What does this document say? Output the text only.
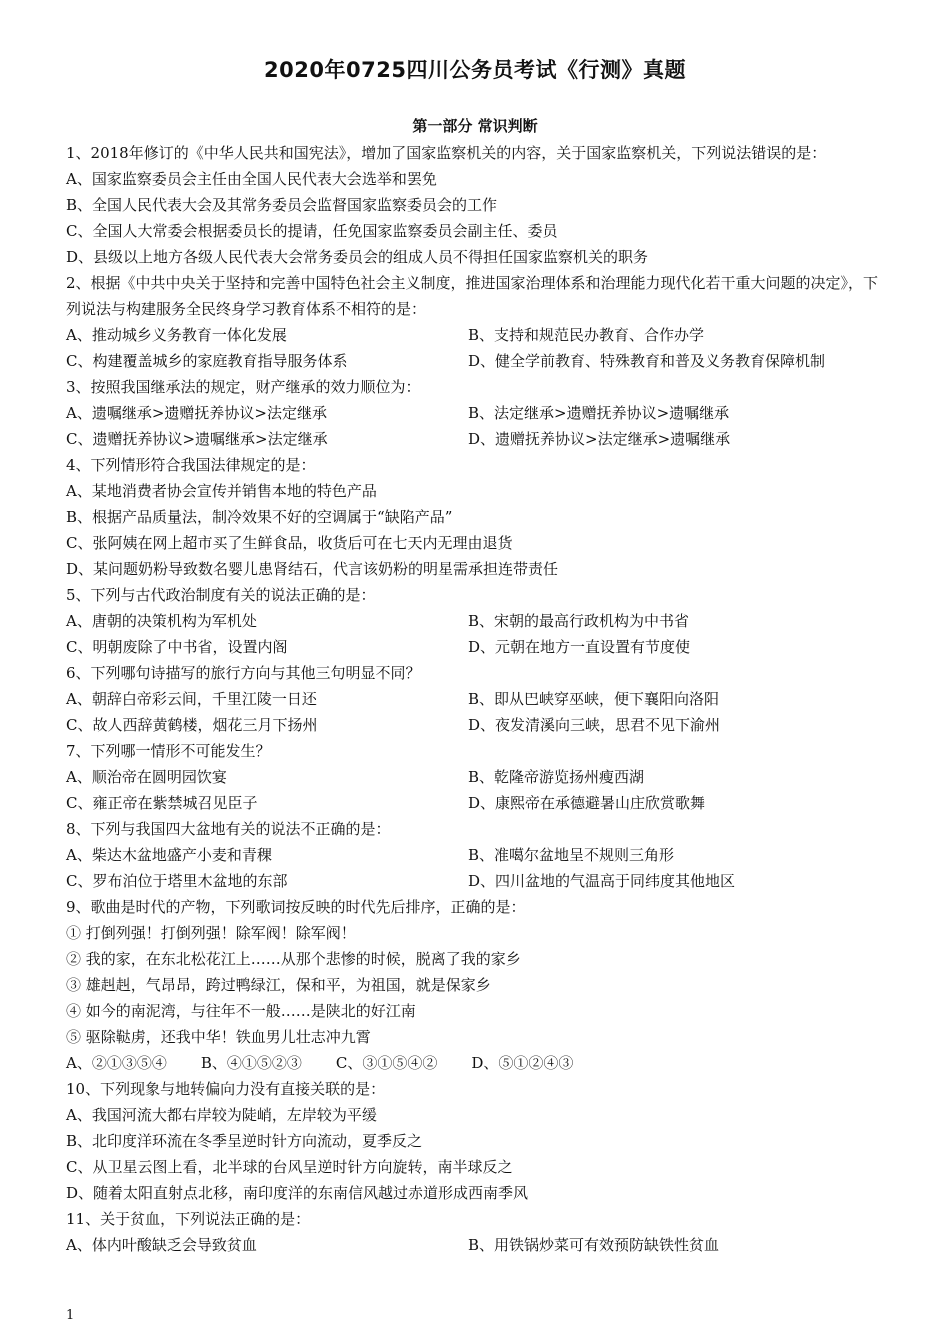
2020年0725四川公务员考试《行测》真题
第一部分 常识判断
1、2018年修订的《中华人民共和国宪法》，增加了国家监察机关的内容，关于国家监察机关，下列说法错误的是：
A、国家监察委员会主任由全国人民代表大会选举和罢免
B、全国人民代表大会及其常务委员会监督国家监察委员会的工作
C、全国人大常委会根据委员长的提请，任免国家监察委员会副主任、委员
D、县级以上地方各级人民代表大会常务委员会的组成人员不得担任国家监察机关的职务
2、根据《中共中央关于坚持和完善中国特色社会主义制度，推进国家治理体系和治理能力现代化若干重大问题的决定》，下列说法与构建服务全民终身学习教育体系不相符的是：
A、推动城乡义务教育一体化发展	B、支持和规范民办教育、合作办学
C、构建覆盖城乡的家庭教育指导服务体系	D、健全学前教育、特殊教育和普及义务教育保障机制
3、按照我国继承法的规定，财产继承的效力顺位为：
A、遗嘱继承>遗赠抚养协议>法定继承	B、法定继承>遗赠抚养协议>遗嘱继承
C、遗赠抚养协议>遗嘱继承>法定继承	D、遗赠抚养协议>法定继承>遗嘱继承
4、下列情形符合我国法律规定的是：
A、某地消费者协会宣传并销售本地的特色产品
B、根据产品质量法，制冷效果不好的空调属于“缺陷产品”
C、张阿姨在网上超市买了生鲜食品，收货后可在七天内无理由退货
D、某问题奶粉导致数名婴儿患肾结石，代言该奶粉的明星需承担连带责任
5、下列与古代政治制度有关的说法正确的是：
A、唐朝的决策机构为军机处	B、宋朝的最高行政机构为中书省
C、明朝废除了中书省，设置内阁	D、元朝在地方一直设置有节度使
6、下列哪句诗描写的旅行方向与其他三句明显不同？
A、朝辞白帝彩云间，千里江陵一日还	B、即从巴峡穿巫峡，便下襄阳向洛阳
C、故人西辞黄鹤楼，烟花三月下扬州	D、夜发清溪向三峡，思君不见下渝州
7、下列哪一情形不可能发生？
A、顺治帝在圆明园饮宴	B、乾隆帝游览扬州瘦西湖
C、雍正帝在紫禁城召见臣子	D、康熙帝在承德避暑山庄欣赏歌舞
8、下列与我国四大盆地有关的说法不正确的是：
A、柴达木盆地盛产小麦和青稞	B、准噶尔盆地呈不规则三角形
C、罗布泊位于塔里木盆地的东部	D、四川盆地的气温高于同纬度其他地区
9、歌曲是时代的产物，下列歌词按反映的时代先后排序，正确的是：
① 打倒列强！打倒列强！除军阀！除军阀！
② 我的家，在东北松花江上……从那个悲惨的时候，脱离了我的家乡
③ 雄赳赳，气昂昂，跨过鸭绿江，保和平，为祖国，就是保家乡
④ 如今的南泥湾，与往年不一般……是陕北的好江南
⑤ 驱除鞑虏，还我中华！铁血男儿壮志冲九霄
A、②①③⑤④ B、④①⑤②③ C、③①⑤④② D、⑤①②④③
10、下列现象与地转偏向力没有直接关联的是：
A、我国河流大都右岸较为陡峭，左岸较为平缓
B、北印度洋环流在冬季呈逆时针方向流动，夏季反之
C、从卫星云图上看，北半球的台风呈逆时针方向旋转，南半球反之
D、随着太阳直射点北移，南印度洋的东南信风越过赤道形成西南季风
11、关于贫血，下列说法正确的是：
A、体内叶酸缺乏会导致贫血	B、用铁锅炒菜可有效预防缺铁性贫血
1
